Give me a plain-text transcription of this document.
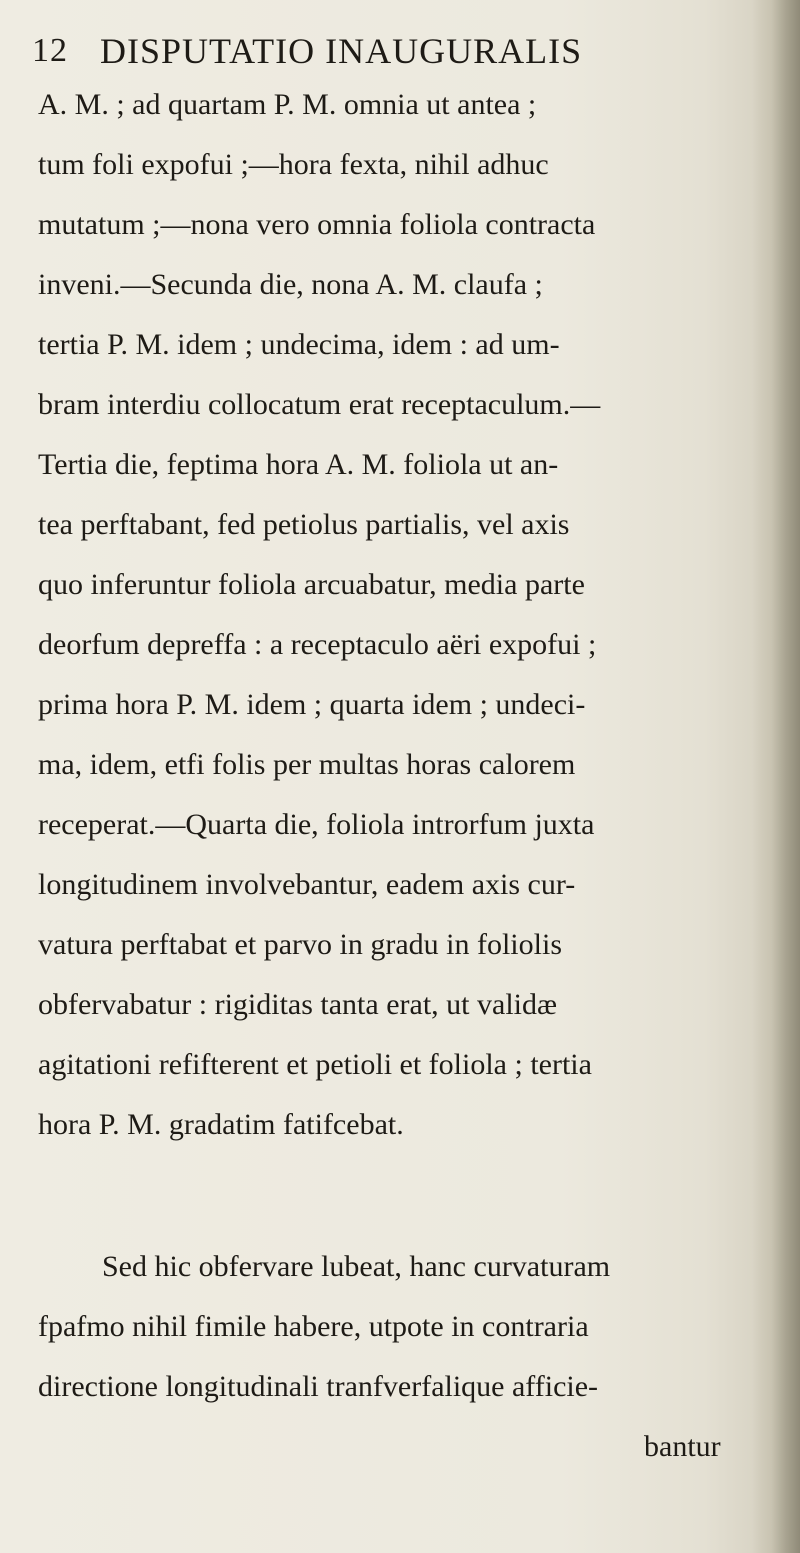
12 DISPUTATIO INAUGURALIS
A. M. ; ad quartam P. M. omnia ut antea ;
tum foli expofui ;—hora fexta, nihil adhuc
mutatum ;—nona vero omnia foliola contracta
inveni.—Secunda die, nona A. M. claufa ;
tertia P. M. idem ; undecima, idem : ad um-
bram interdiu collocatum erat receptaculum.—
Tertia die, feptima hora A. M. foliola ut an-
tea perftabant, fed petiolus partialis, vel axis
quo inferuntur foliola arcuabatur, media parte
deorfum depreffa : a receptaculo aëri expofui ;
prima hora P. M. idem ; quarta idem ; undeci-
ma, idem, etfi folis per multas horas calorem
receperat.—Quarta die, foliola introrfum juxta
longitudinem involvebantur, eadem axis cur-
vatura perftabat et parvo in gradu in foliolis
obfervabatur : rigiditas tanta erat, ut validæ
agitationi refifterent et petioli et foliola ; tertia
hora P. M. gradatim fatifcebat.
Sed hic obfervare lubeat, hanc curvaturam
fpafmo nihil fimile habere, utpote in contraria
directione longitudinali tranfverfalique afficie-
bantur
